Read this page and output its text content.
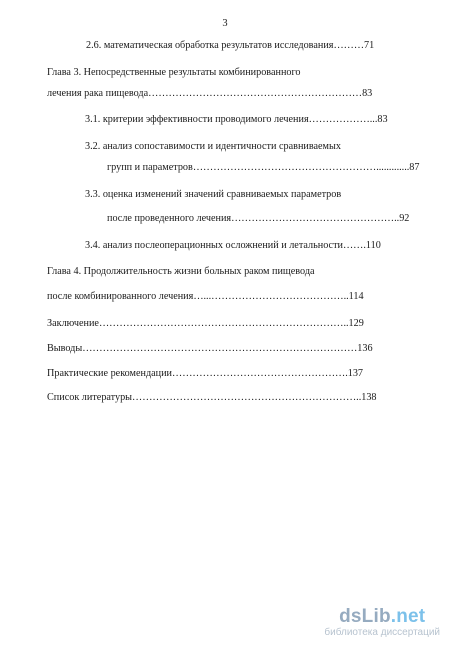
3
2.6. математическая обработка результатов исследования………71
Глава 3. Непосредственные результаты комбинированного
лечения рака пищевода………………………………………………………83
3.1. критерии эффективности проводимого лечения………………...83
3.2. анализ сопоставимости и идентичности сравниваемых
групп и параметров……………………………………………….............87
3.3. оценка изменений значений сравниваемых параметров
после проведенного лечения…………………………………………..92
3.4. анализ послеоперационных осложнений и летальности…….110
Глава 4. Продолжительность жизни больных раком пищевода
после комбинированного лечения…...…………………………………..114
Заключение………………………………………………………………..129
Выводы………………………………………………………………………136
Практические рекомендации…………………………………………….137
Список литературы…………………………………………………………..138
dsLib.net
библиотека диссертаций
